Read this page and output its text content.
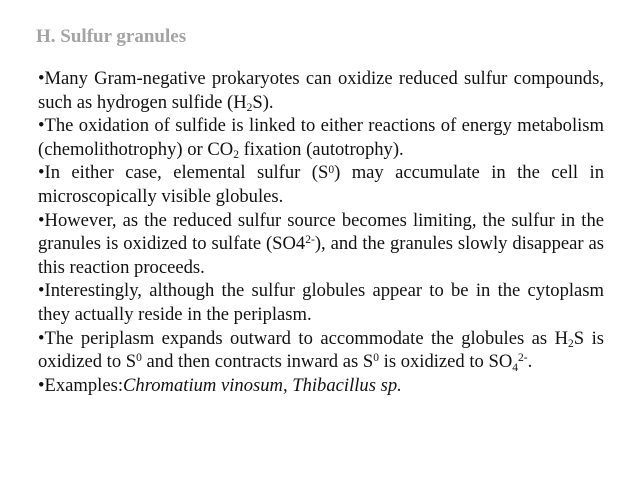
H. Sulfur granules

•Many Gram-negative prokaryotes can oxidize reduced sulfur compounds, such as hydrogen sulfide $(H_2S)$.

•The oxidation of sulfide is linked to either reactions of energy metabolism (chemolithotrophy) or $CO_2$ fixation (autotrophy).

•In either case, elemental sulfur $(S^0)$ may accumulate in the cell in microscopically visible globules.

•However, as the reduced sulfur source becomes limiting, the sulfur in the granules is oxidized to sulfate $(SO4^{2-})$, and the granules slowly disappear as this reaction proceeds.

•Interestingly, although the sulfur globules appear to be in the cytoplasm they actually reside in the periplasm.

•The periplasm expands outward to accommodate the globules as $H_2S$ is oxidized to $S^0$ and then contracts inward as $S^0$ is oxidized to $SO_4^{2-}$.

•Examples:Chromatium vinosum, Thibacillus sp.
